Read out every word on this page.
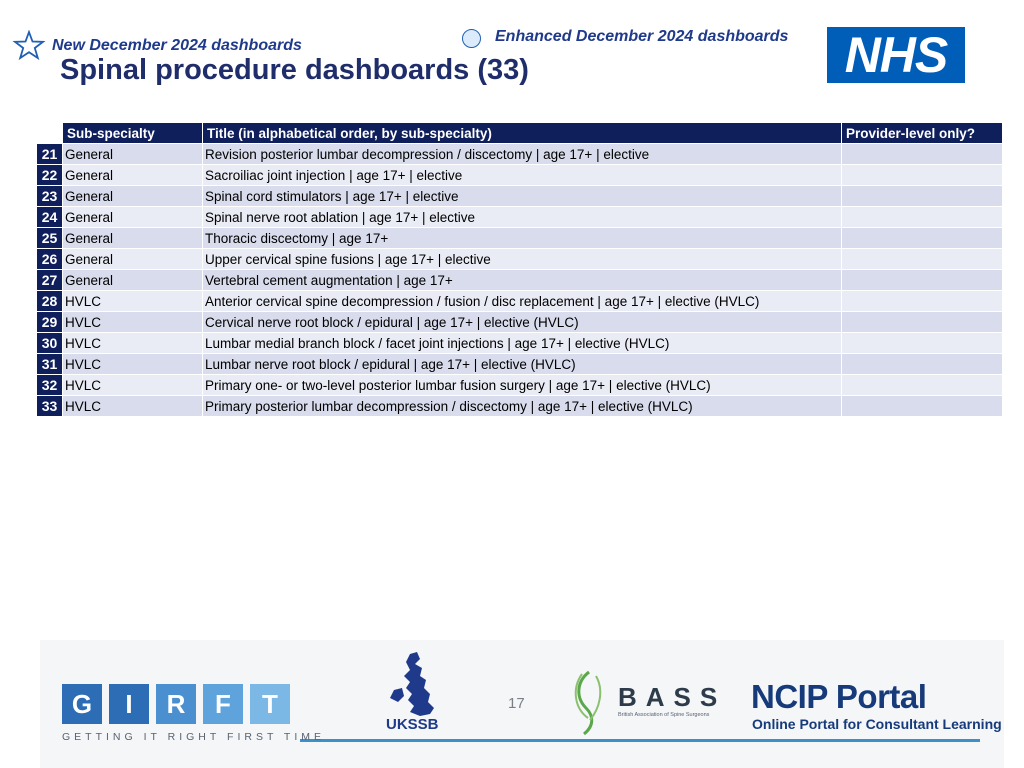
New December 2024 dashboards
Enhanced December 2024 dashboards NHS
Spinal procedure dashboards (33)
	Sub-specialty	Title (in alphabetical order, by sub-specialty)	Provider-level only?
21	General	Revision posterior lumbar decompression / discectomy | age 17+ | elective	
22	General	Sacroiliac joint injection | age 17+ | elective	
23	General	Spinal cord stimulators | age 17+ | elective	
24	General	Spinal nerve root ablation | age 17+ | elective	
25	General	Thoracic discectomy | age 17+	
26	General	Upper cervical spine fusions | age 17+ | elective	
27	General	Vertebral cement augmentation | age 17+	
28	HVLC	Anterior cervical spine decompression / fusion / disc replacement | age 17+ | elective (HVLC)	
29	HVLC	Cervical nerve root block / epidural | age 17+ | elective (HVLC)	
30	HVLC	Lumbar medial branch block / facet joint injections | age 17+ | elective (HVLC)	
31	HVLC	Lumbar nerve root block / epidural | age 17+ | elective (HVLC)	
32	HVLC	Primary one- or two-level posterior lumbar fusion surgery | age 17+ | elective (HVLC)	
33	HVLC	Primary posterior lumbar decompression / discectomy | age 17+ | elective (HVLC)	
G	I	R	F	T
GETTING IT RIGHT FIRST TIME
UKSSB
17	BASS
British Association of Spine Surgeons NCIP Portal
Online Portal for Consultant Learning
